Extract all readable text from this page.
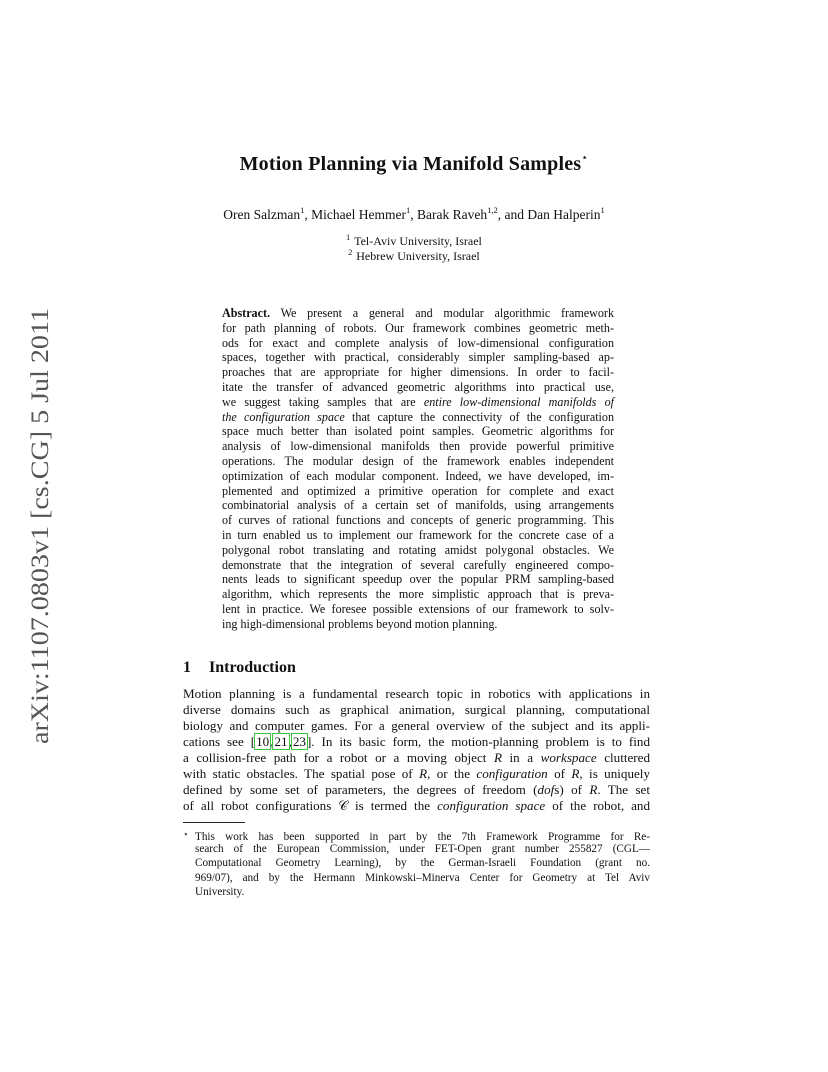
arXiv:1107.0803v1 [cs.CG] 5 Jul 2011
Motion Planning via Manifold Samples⋆
Oren Salzman$^1$, Michael Hemmer$^1$, Barak Raveh$^{1,2}$, and Dan Halperin$^1$
$^1$ Tel-Aviv University, Israel
$^2$ Hebrew University, Israel
Abstract. We present a general and modular algorithmic framework
for path planning of robots. Our framework combines geometric meth-
ods for exact and complete analysis of low-dimensional configuration
spaces, together with practical, considerably simpler sampling-based ap-
proaches that are appropriate for higher dimensions. In order to facil-
itate the transfer of advanced geometric algorithms into practical use,
we suggest taking samples that are entire low-dimensional manifolds of
the configuration space that capture the connectivity of the configuration
space much better than isolated point samples. Geometric algorithms for
analysis of low-dimensional manifolds then provide powerful primitive
operations. The modular design of the framework enables independent
optimization of each modular component. Indeed, we have developed, im-
plemented and optimized a primitive operation for complete and exact
combinatorial analysis of a certain set of manifolds, using arrangements
of curves of rational functions and concepts of generic programming. This
in turn enabled us to implement our framework for the concrete case of a
polygonal robot translating and rotating amidst polygonal obstacles. We
demonstrate that the integration of several carefully engineered compo-
nents leads to significant speedup over the popular PRM sampling-based
algorithm, which represents the more simplistic approach that is preva-
lent in practice. We foresee possible extensions of our framework to solv-
ing high-dimensional problems beyond motion planning.
1 Introduction
Motion planning is a fundamental research topic in robotics with applications in
diverse domains such as graphical animation, surgical planning, computational
biology and computer games. For a general overview of the subject and its appli-
cations see [10,21,23]. In its basic form, the motion-planning problem is to find
a collision-free path for a robot or a moving object R in a workspace cluttered
with static obstacles. The spatial pose of R, or the configuration of R, is uniquely
defined by some set of parameters, the degrees of freedom (dofs) of R. The set
of all robot configurations 𝒞 is termed the configuration space of the robot, and
⋆ This work has been supported in part by the 7th Framework Programme for Re-
search of the European Commission, under FET-Open grant number 255827 (CGL—
Computational Geometry Learning), by the German-Israeli Foundation (grant no.
969/07), and by the Hermann Minkowski–Minerva Center for Geometry at Tel Aviv
University.
